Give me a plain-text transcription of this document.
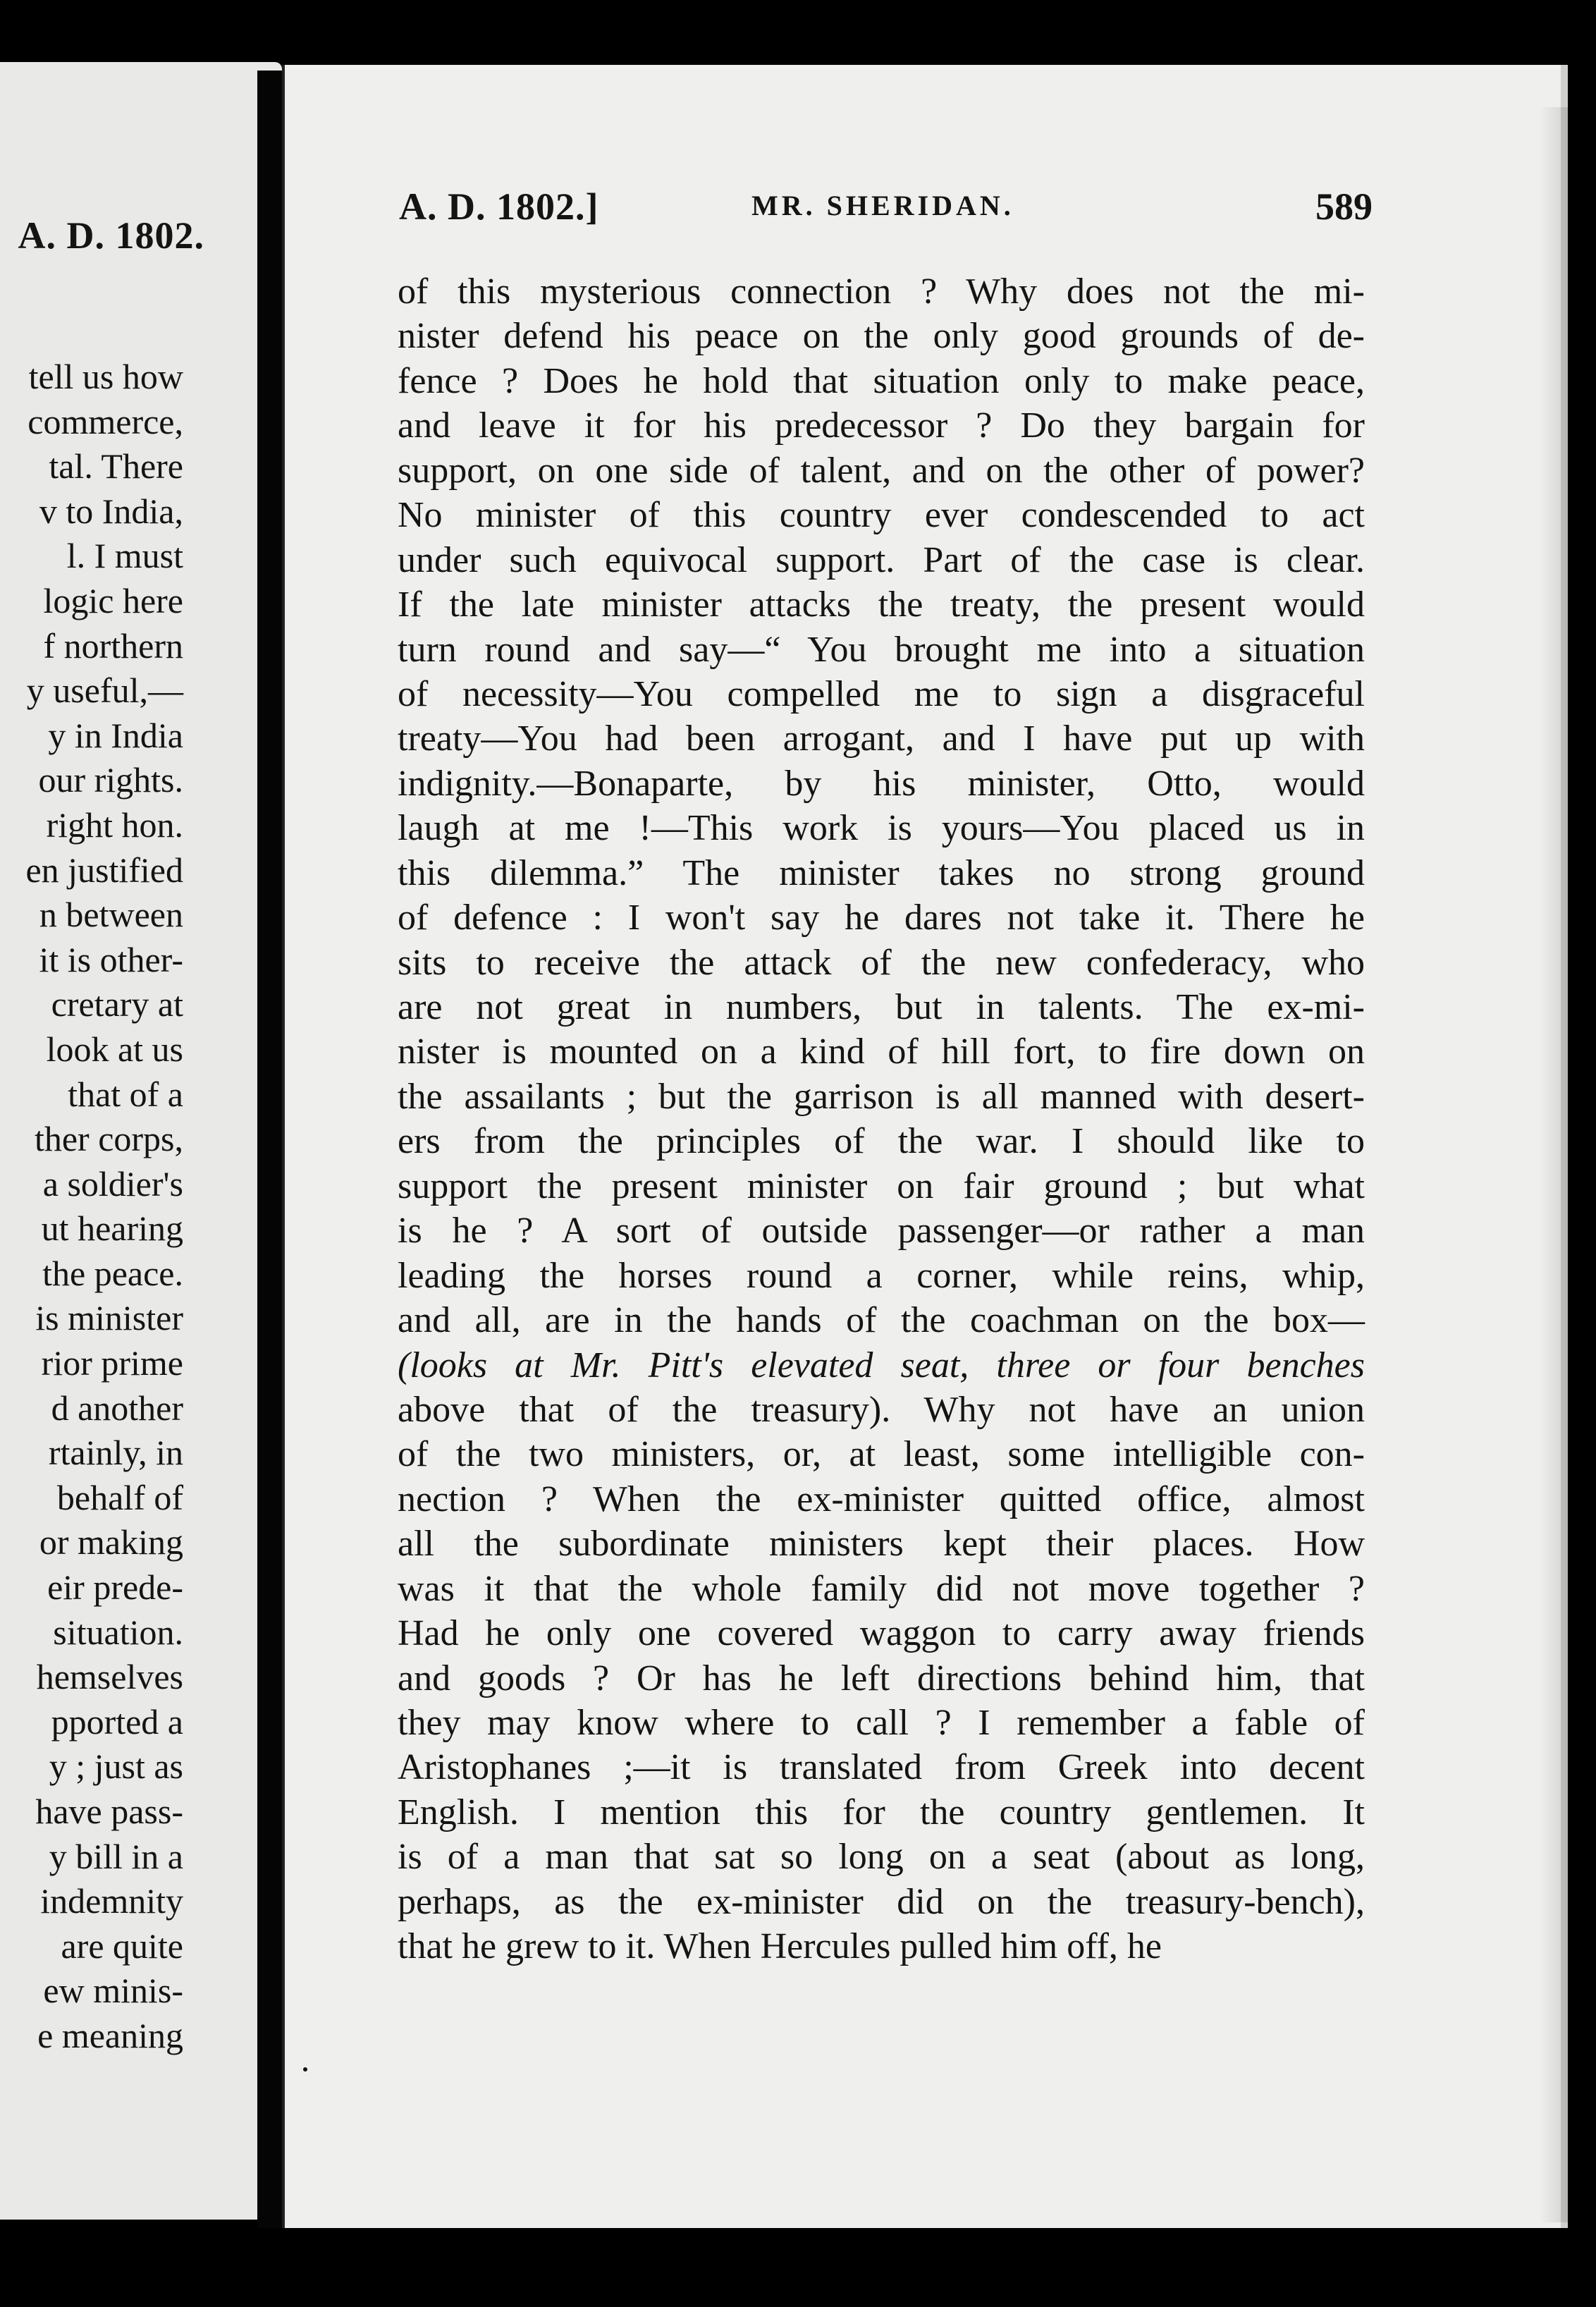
A. D. 1802.
tell us how
commerce,
tal. There
v to India,
l. I must
logic here
f northern
y useful,—
y in India
our rights.
right hon.
en justified
n between
it is other-
cretary at
look at us
that of a
ther corps,
a soldier's
ut hearing
the peace.
is minister
rior prime
d another
rtainly, in
behalf of
or making
eir prede-
situation.
hemselves
pported a
y ; just as
have pass-
y bill in a
indemnity
are quite
ew minis-
e meaning
A. D. 1802.]	MR. SHERIDAN.	589
of this mysterious connection ? Why does not the mi-
nister defend his peace on the only good grounds of de-
fence ? Does he hold that situation only to make peace,
and leave it for his predecessor ? Do they bargain for
support, on one side of talent, and on the other of power?
No minister of this country ever condescended to act
under such equivocal support. Part of the case is clear.
If the late minister attacks the treaty, the present would
turn round and say—“ You brought me into a situation
of necessity—You compelled me to sign a disgraceful
treaty—You had been arrogant, and I have put up with
indignity.—Bonaparte, by his minister, Otto, would
laugh at me !—This work is yours—You placed us in
this dilemma.” The minister takes no strong ground
of defence : I won't say he dares not take it. There he
sits to receive the attack of the new confederacy, who
are not great in numbers, but in talents. The ex-mi-
nister is mounted on a kind of hill fort, to fire down on
the assailants ; but the garrison is all manned with desert-
ers from the principles of the war. I should like to
support the present minister on fair ground ; but what
is he ? A sort of outside passenger—or rather a man
leading the horses round a corner, while reins, whip,
and all, are in the hands of the coachman on the box—
(looks at Mr. Pitt's elevated seat, three or four benches
above that of the treasury). Why not have an union
of the two ministers, or, at least, some intelligible con-
nection ? When the ex-minister quitted office, almost
all the subordinate ministers kept their places. How
was it that the whole family did not move together ?
Had he only one covered waggon to carry away friends
and goods ? Or has he left directions behind him, that
they may know where to call ? I remember a fable of
Aristophanes ;—it is translated from Greek into decent
English. I mention this for the country gentlemen. It
is of a man that sat so long on a seat (about as long,
perhaps, as the ex-minister did on the treasury-bench),
that he grew to it. When Hercules pulled him off, he
